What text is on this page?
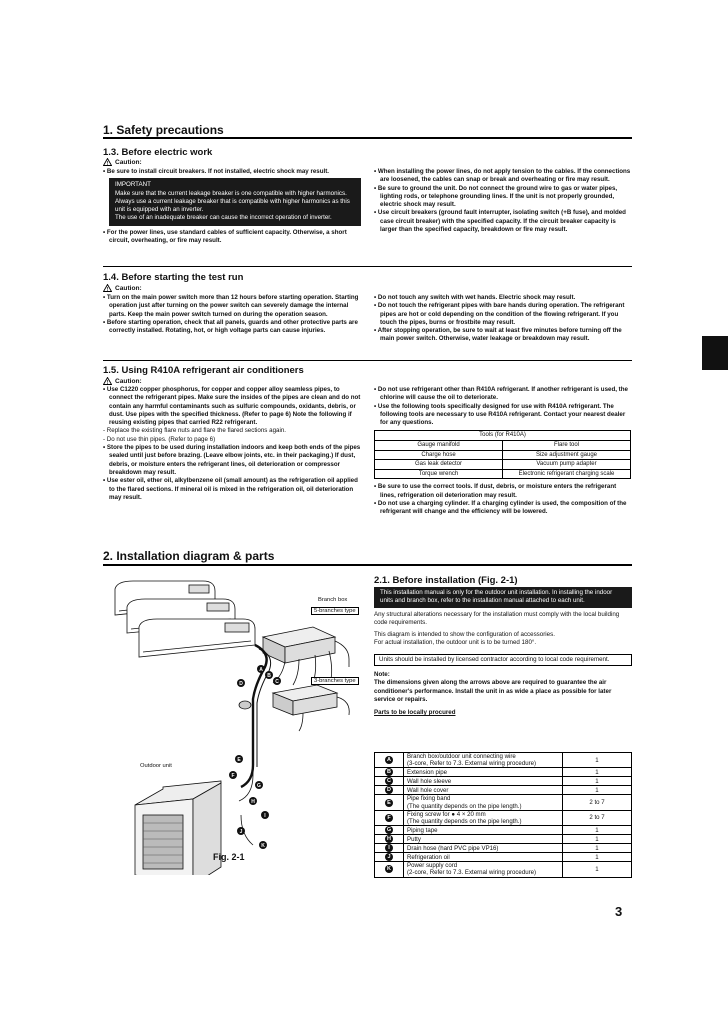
1. Safety precautions
1.3. Before electric work
! Caution:

• Be sure to install circuit breakers. If not installed, electric shock may result.

IMPORTANT
Make sure that the current leakage breaker is one compatible with higher harmonics.
Always use a current leakage breaker that is compatible with higher harmonics as this unit is equipped with an inverter.
The use of an inadequate breaker can cause the incorrect operation of inverter.

• For the power lines, use standard cables of sufficient capacity. Otherwise, a short circuit, overheating, or fire may result.

• When installing the power lines, do not apply tension to the cables. If the connections are loosened, the cables can snap or break and overheating or fire may result.

• Be sure to ground the unit. Do not connect the ground wire to gas or water pipes, lighting rods, or telephone grounding lines. If the unit is not properly grounded, electric shock may result.

• Use circuit breakers (ground fault interrupter, isolating switch (+B fuse), and molded case circuit breaker) with the specified capacity. If the circuit breaker capacity is larger than the specified capacity, breakdown or fire may result.

1.4. Before starting the test run
! Caution:

• Turn on the main power switch more than 12 hours before starting operation. Starting operation just after turning on the power switch can severely damage the internal parts. Keep the main power switch turned on during the operation season.

• Before starting operation, check that all panels, guards and other protective parts are correctly installed. Rotating, hot, or high voltage parts can cause injuries.

• Do not touch any switch with wet hands. Electric shock may result.

• Do not touch the refrigerant pipes with bare hands during operation. The refrigerant pipes are hot or cold depending on the condition of the flowing refrigerant. If you touch the pipes, burns or frostbite may result.

• After stopping operation, be sure to wait at least five minutes before turning off the main power switch. Otherwise, water leakage or breakdown may result.

1.5. Using R410A refrigerant air conditioners
! Caution:

• Use C1220 copper phosphorus, for copper and copper alloy seamless pipes, to connect the refrigerant pipes. Make sure the insides of the pipes are clean and do not contain any harmful contaminants such as sulfuric compounds, oxidants, debris, or dust. Use pipes with the specified thickness. (Refer to page 6) Note the following if reusing existing pipes that carried R22 refrigerant.

- Replace the existing flare nuts and flare the flared sections again.

- Do not use thin pipes. (Refer to page 6)

• Store the pipes to be used during installation indoors and keep both ends of the pipes sealed until just before brazing. (Leave elbow joints, etc. in their packaging.) If dust, debris, or moisture enters the refrigerant lines, oil deterioration or compressor breakdown may result.

• Use ester oil, ether oil, alkylbenzene oil (small amount) as the refrigeration oil applied to the flared sections. If mineral oil is mixed in the refrigeration oil, oil deterioration may result.

• Do not use refrigerant other than R410A refrigerant. If another refrigerant is used, the chlorine will cause the oil to deteriorate.

• Use the following tools specifically designed for use with R410A refrigerant. The following tools are necessary to use R410A refrigerant. Contact your nearest dealer for any questions.

Tools (for R410A)	
Gauge manifold	Flare tool
Charge hose	Size adjustment gauge
Gas leak detector	Vacuum pump adapter
Torque wrench	Electronic refrigerant charging scale

• Be sure to use the correct tools. If dust, debris, or moisture enters the refrigerant lines, refrigeration oil deterioration may result.

• Do not use a charging cylinder. If a charging cylinder is used, the composition of the refrigerant will change and the efficiency will be lowered.

2. Installation diagram & parts
A
B
C
D
E
F
G
H
I
J
K
Branch box
5-branches type
3-branches type
Outdoor unit
Fig. 2-1
2.1. Before installation (Fig. 2-1)
This installation manual is only for the outdoor unit installation. In installing the indoor units and branch box, refer to the installation manual attached to each unit.

Any structural alterations necessary for the installation must comply with the local building code requirements.

This diagram is intended to show the configuration of accessories.

For actual installation, the outdoor unit is to be turned 180°.

Units should be installed by licensed contractor according to local code requirement.

Note:

The dimensions given along the arrows above are required to guarantee the air conditioner's performance. Install the unit in as wide a place as possible for later service or repairs.

Parts to be locally procured

A	Branch box/outdoor unit connecting wire
(3-core, Refer to 7.3. External wiring procedure)	1
B	Extension pipe	1
C	Wall hole sleeve	1
D	Wall hole cover	1
E	Pipe fixing band
(The quantity depends on the pipe length.)	2 to 7
F	Fixing screw for ● 4 × 20 mm
(The quantity depends on the pipe length.)	2 to 7
G	Piping tape	1
H	Putty	1
I	Drain hose (hard PVC pipe VP16)	1
J	Refrigeration oil	1
K	Power supply cord
(2-core, Refer to 7.3. External wiring procedure)	1
3
